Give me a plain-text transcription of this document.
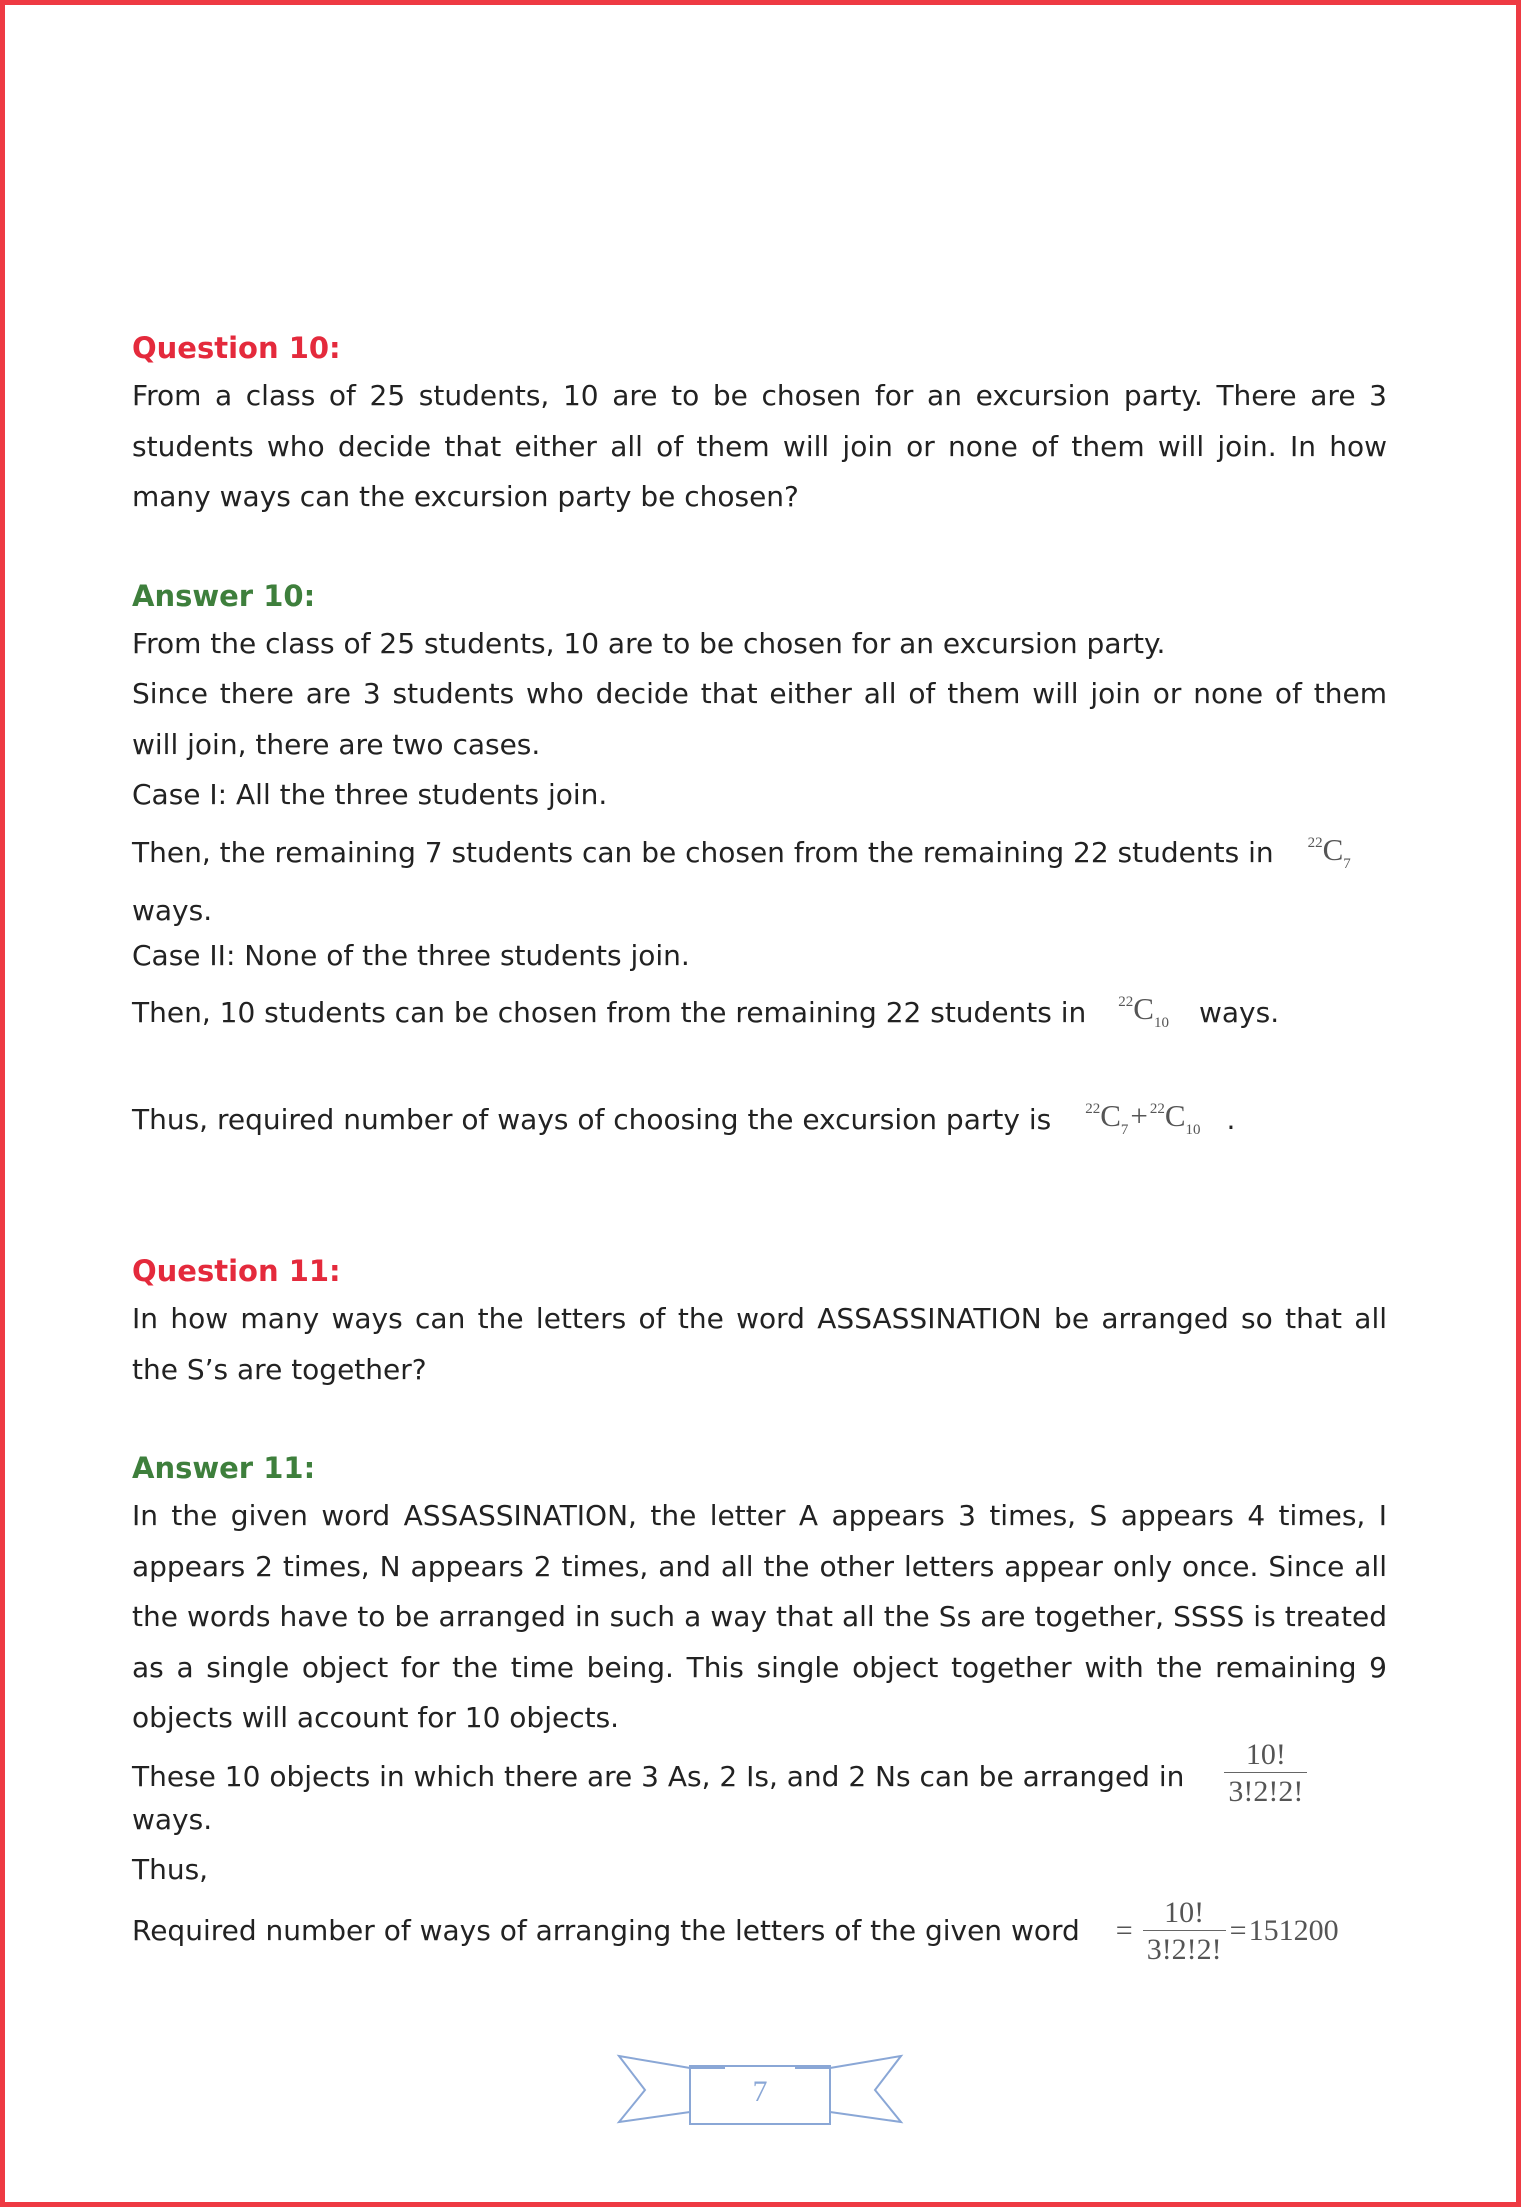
Question 10:

From a class of 25 students, 10 are to be chosen for an excursion party. There are 3 students who decide that either all of them will join or none of them will join. In how many ways can the excursion party be chosen?

Answer 10:

From the class of 25 students, 10 are to be chosen for an excursion party.

Since there are 3 students who decide that either all of them will join or none of them will join, there are two cases.

Case I: All the three students join.

Then, the remaining 7 students can be chosen from the remaining 22 students in $^{22}C_7$

ways.

Case II: None of the three students join.

Then, 10 students can be chosen from the remaining 22 students in $^{22}C_{10}$ ways.
Thus, required number of ways of choosing the excursion party is $^{22}C_7+ ^{22}C_{10}$ .
Question 11:

In how many ways can the letters of the word ASSASSINATION be arranged so that all the S’s are together?

Answer 11:

In the given word ASSASSINATION, the letter A appears 3 times, S appears 4 times, I appears 2 times, N appears 2 times, and all the other letters appear only once. Since all the words have to be arranged in such a way that all the Ss are together, SSSS is treated as a single object for the time being. This single object together with the remaining 9 objects will account for 10 objects.

These 10 objects in which there are 3 As, 2 Is, and 2 Ns can be arranged in $\frac{10!}{3!2!2!}$

ways.

Thus,

Required number of ways of arranging the letters of the given word = $\frac{10!}{3!2!2!} = 151200$
7
